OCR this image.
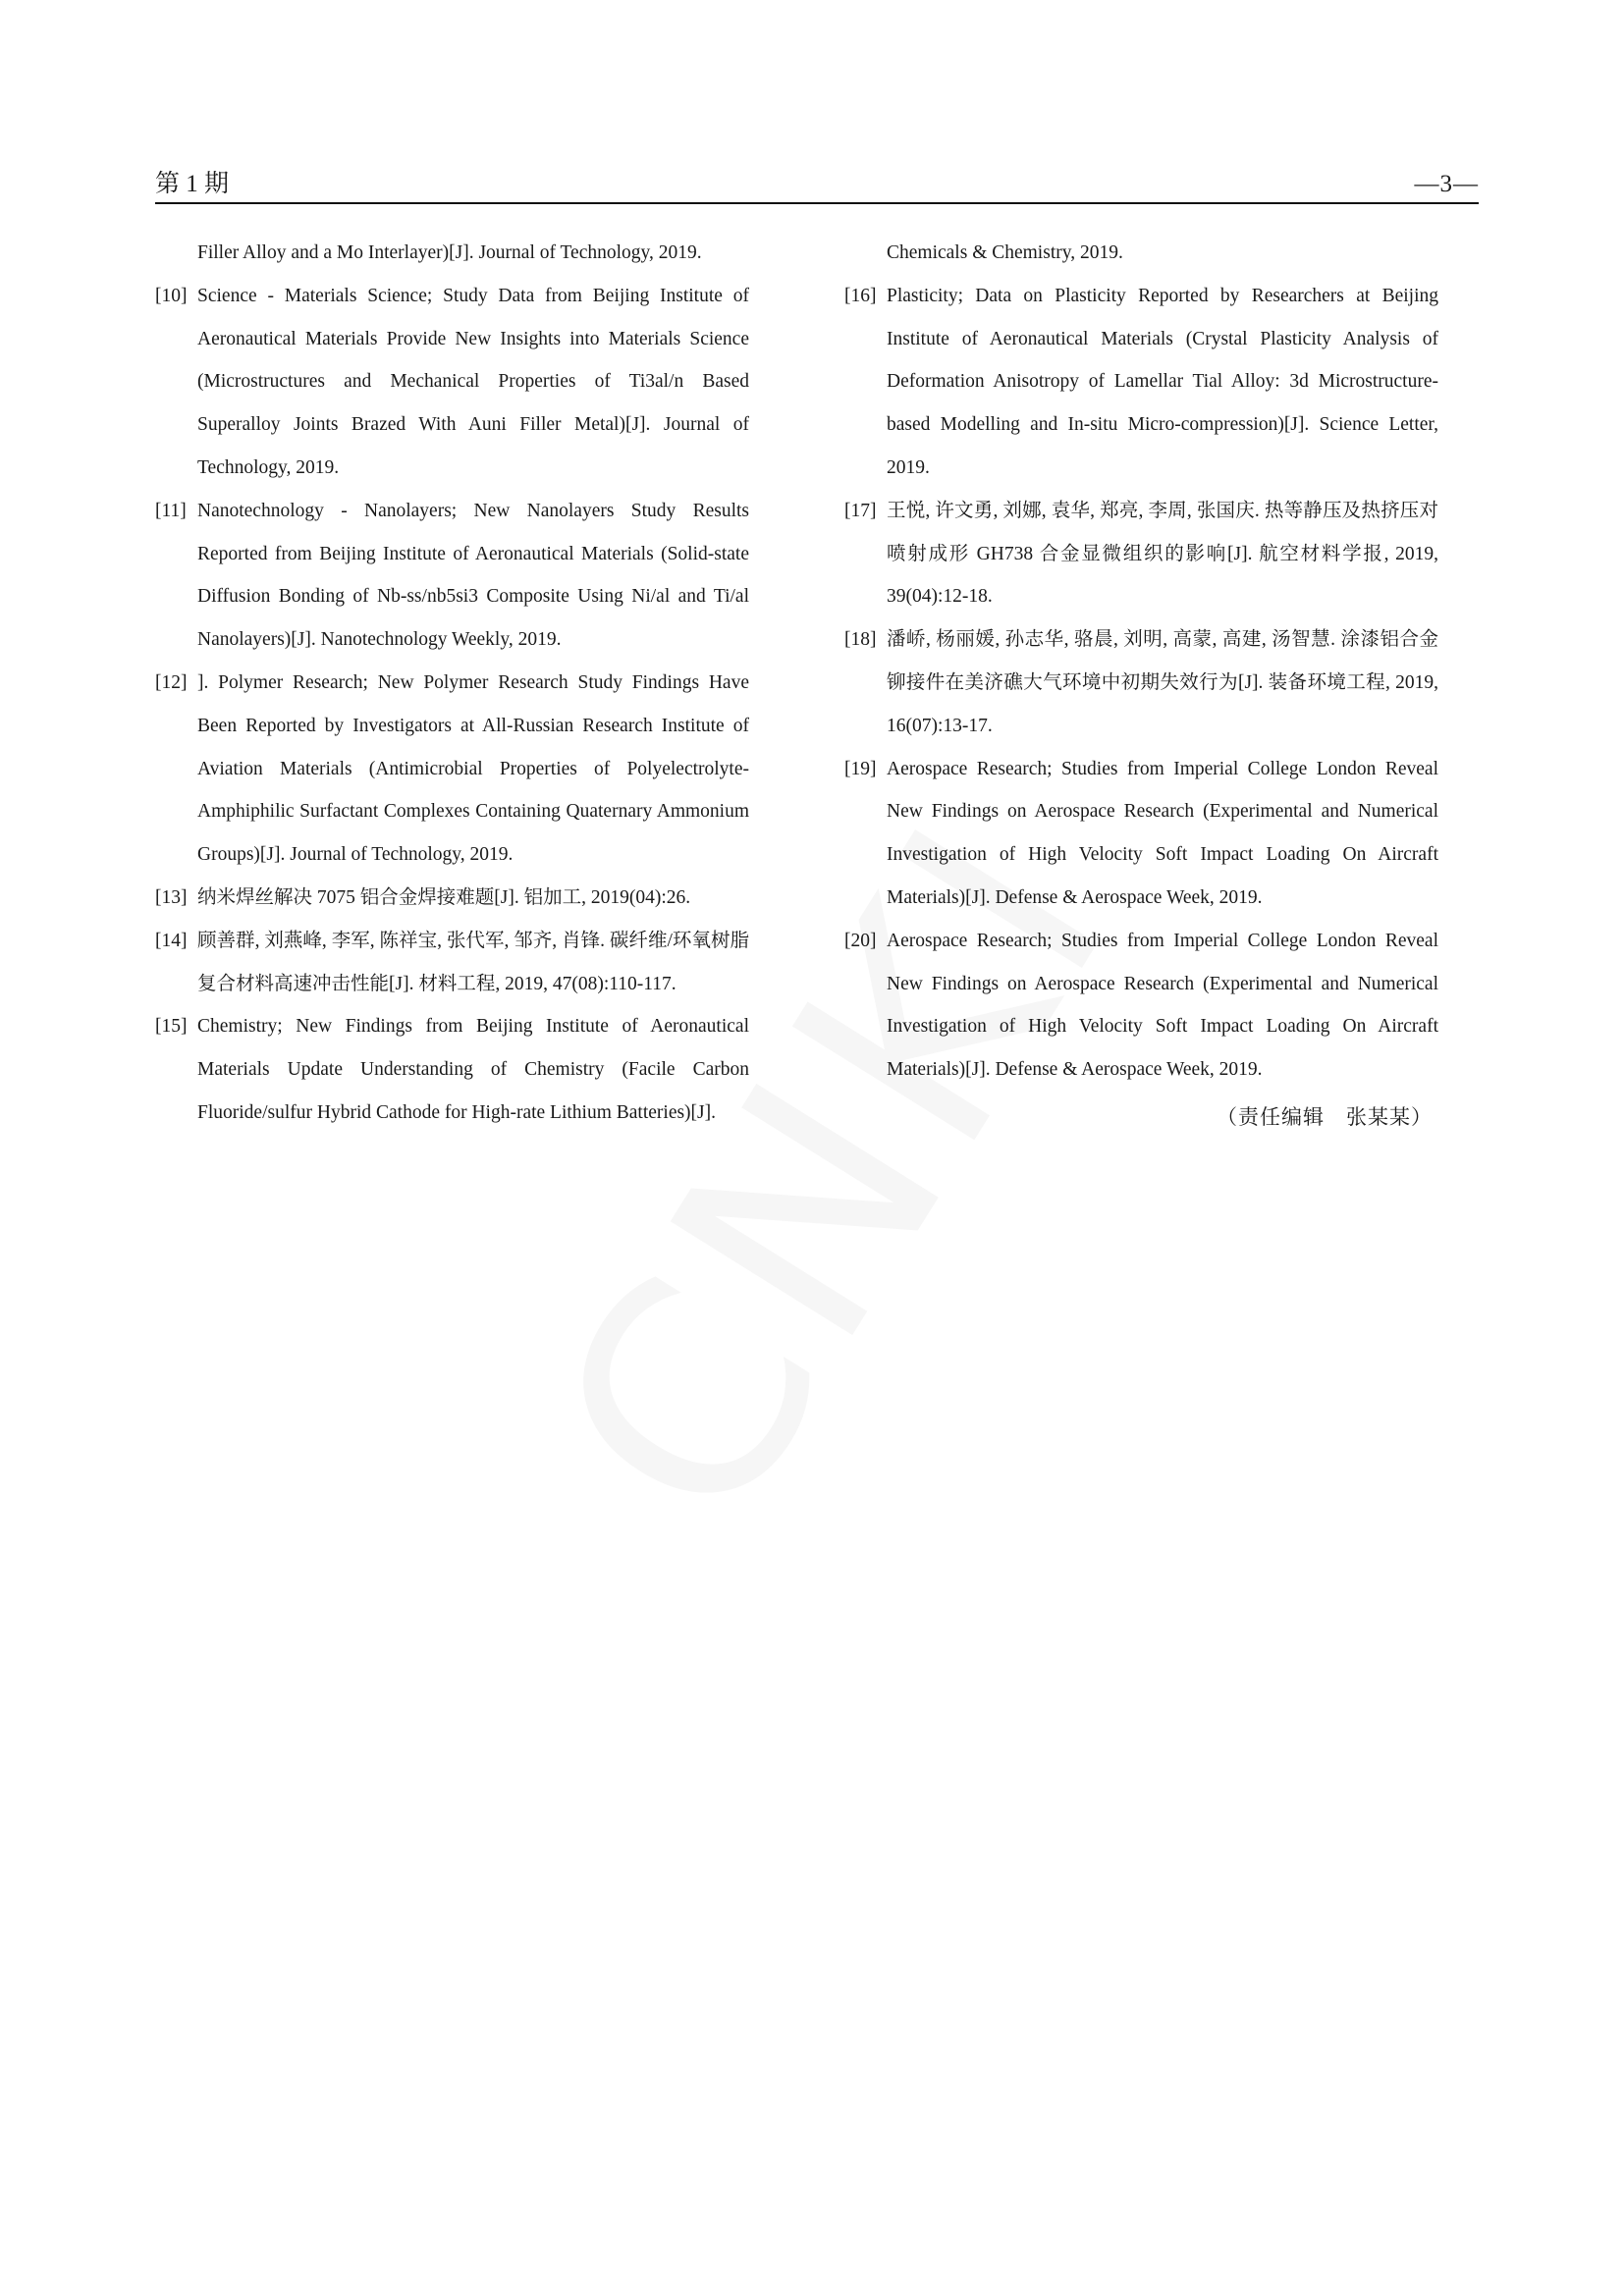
第 1 期	—3—
Filler Alloy and a Mo Interlayer)[J]. Journal of Technology, 2019.
[10] Science - Materials Science; Study Data from Beijing Institute of Aeronautical Materials Provide New Insights into Materials Science (Microstructures and Mechanical Properties of Ti3al/n Based Superalloy Joints Brazed With Auni Filler Metal)[J]. Journal of Technology, 2019.
[11] Nanotechnology - Nanolayers; New Nanolayers Study Results Reported from Beijing Institute of Aeronautical Materials (Solid-state Diffusion Bonding of Nb-ss/nb5si3 Composite Using Ni/al and Ti/al Nanolayers)[J]. Nanotechnology Weekly, 2019.
[12] ]. Polymer Research; New Polymer Research Study Findings Have Been Reported by Investigators at All-Russian Research Institute of Aviation Materials (Antimicrobial Properties of Polyelectrolyte-Amphiphilic Surfactant Complexes Containing Quaternary Ammonium Groups)[J]. Journal of Technology, 2019.
[13] 纳米焊丝解决 7075 铝合金焊接难题[J]. 铝加工, 2019(04):26.
[14] 顾善群, 刘燕峰, 李军, 陈祥宝, 张代军, 邹齐, 肖锋. 碳纤维/环氧树脂复合材料高速冲击性能[J]. 材料工程, 2019, 47(08):110-117.
[15] Chemistry; New Findings from Beijing Institute of Aeronautical Materials Update Understanding of Chemistry (Facile Carbon Fluoride/sulfur Hybrid Cathode for High-rate Lithium Batteries)[J].
Chemicals & Chemistry, 2019.
[16] Plasticity; Data on Plasticity Reported by Researchers at Beijing Institute of Aeronautical Materials (Crystal Plasticity Analysis of Deformation Anisotropy of Lamellar Tial Alloy: 3d Microstructure-based Modelling and In-situ Micro-compression)[J]. Science Letter, 2019.
[17] 王悦, 许文勇, 刘娜, 袁华, 郑亮, 李周, 张国庆. 热等静压及热挤压对喷射成形 GH738 合金显微组织的影响[J]. 航空材料学报, 2019, 39(04):12-18.
[18] 潘峤, 杨丽媛, 孙志华, 骆晨, 刘明, 高蒙, 高建, 汤智慧. 涂漆铝合金铆接件在美济礁大气环境中初期失效行为[J]. 装备环境工程, 2019, 16(07):13-17.
[19] Aerospace Research; Studies from Imperial College London Reveal New Findings on Aerospace Research (Experimental and Numerical Investigation of High Velocity Soft Impact Loading On Aircraft Materials)[J]. Defense & Aerospace Week, 2019.
[20] Aerospace Research; Studies from Imperial College London Reveal New Findings on Aerospace Research (Experimental and Numerical Investigation of High Velocity Soft Impact Loading On Aircraft Materials)[J]. Defense & Aerospace Week, 2019.
（责任编辑　张某某）
